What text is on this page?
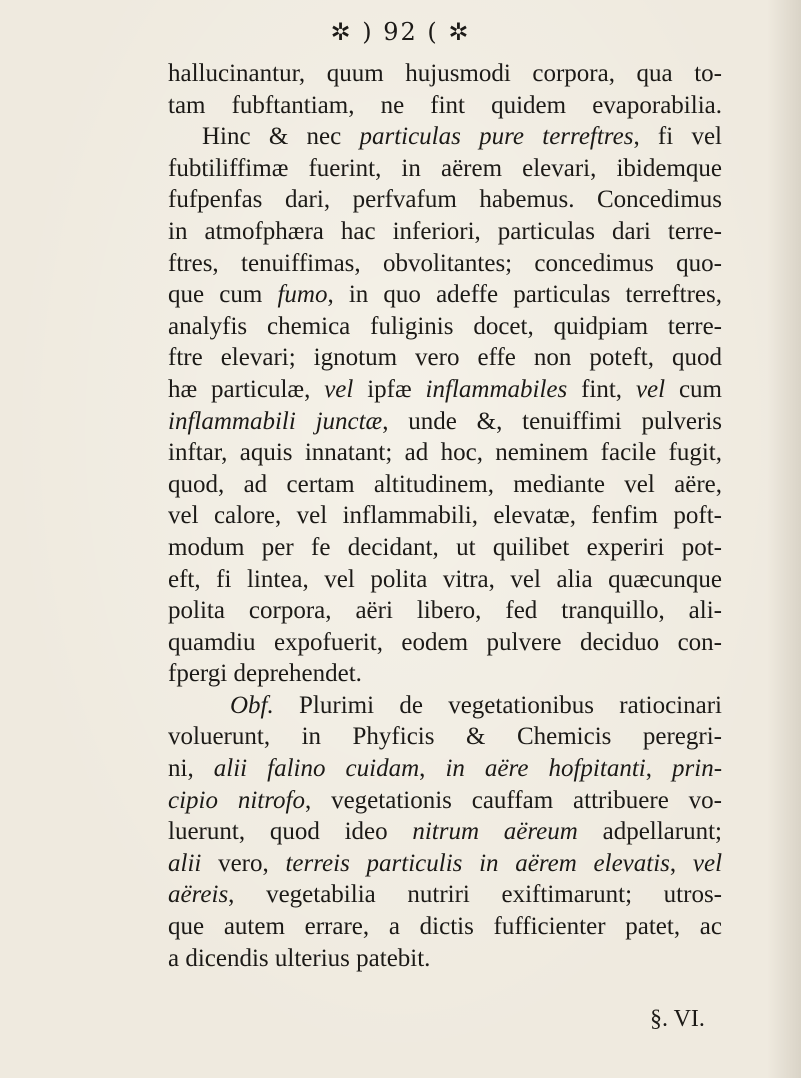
✲ ) 92 ( ✲
hallucinantur, quum hujusmodi corpora, qua to-
tam fubftantiam, ne fint quidem evaporabilia.
Hinc & nec particulas pure terreftres, fi vel
fubtiliffimæ fuerint, in aërem elevari, ibidemque
fufpenfas dari, perfvafum habemus. Concedimus
in atmofphæra hac inferiori, particulas dari terre-
ftres, tenuiffimas, obvolitantes; concedimus quo-
que cum fumo, in quo adeffe particulas terreftres,
analyfis chemica fuliginis docet, quidpiam terre-
ftre elevari; ignotum vero effe non poteft, quod
hæ particulæ, vel ipfæ inflammabiles fint, vel cum
inflammabili junctæ, unde &, tenuiffimi pulveris
inftar, aquis innatant; ad hoc, neminem facile fugit,
quod, ad certam altitudinem, mediante vel aëre,
vel calore, vel inflammabili, elevatæ, fenfim poft-
modum per fe decidant, ut quilibet experiri pot-
eft, fi lintea, vel polita vitra, vel alia quæcunque
polita corpora, aëri libero, fed tranquillo, ali-
quamdiu expofuerit, eodem pulvere deciduo con-
fpergi deprehendet.
Obf. Plurimi de vegetationibus ratiocinari
voluerunt, in Phyficis & Chemicis peregri-
ni, alii falino cuidam, in aëre hofpitanti, prin-
cipio nitrofo, vegetationis cauffam attribuere vo-
luerunt, quod ideo nitrum aëreum adpellarunt;
alii vero, terreis particulis in aërem elevatis, vel
aëreis, vegetabilia nutriri exiftimarunt; utros-
que autem errare, a dictis fufficienter patet, ac
a dicendis ulterius patebit.
§. VI.
